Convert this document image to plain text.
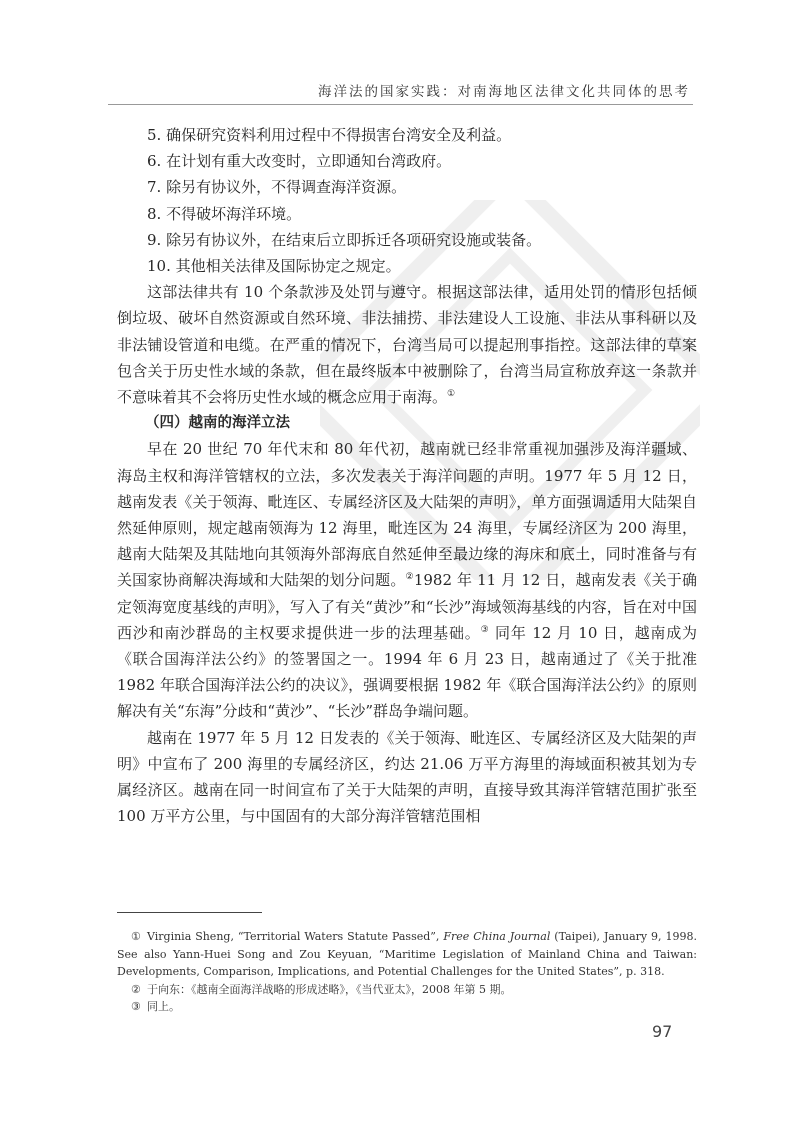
海洋法的国家实践：对南海地区法律文化共同体的思考

5. 确保研究资料利用过程中不得损害台湾安全及利益。

6. 在计划有重大改变时，立即通知台湾政府。

7. 除另有协议外，不得调查海洋资源。

8. 不得破坏海洋环境。

9. 除另有协议外，在结束后立即拆迁各项研究设施或装备。

10. 其他相关法律及国际协定之规定。

这部法律共有 10 个条款涉及处罚与遵守。根据这部法律，适用处罚的情形包括倾倒垃圾、破坏自然资源或自然环境、非法捕捞、非法建设人工设施、非法从事科研以及非法铺设管道和电缆。在严重的情况下，台湾当局可以提起刑事指控。这部法律的草案包含关于历史性水域的条款，但在最终版本中被删除了，台湾当局宣称放弃这一条款并不意味着其不会将历史性水域的概念应用于南海。①

（四）越南的海洋立法

早在 20 世纪 70 年代末和 80 年代初，越南就已经非常重视加强涉及海洋疆域、海岛主权和海洋管辖权的立法，多次发表关于海洋问题的声明。1977 年 5 月 12 日，越南发表《关于领海、毗连区、专属经济区及大陆架的声明》，单方面强调适用大陆架自然延伸原则，规定越南领海为 12 海里，毗连区为 24 海里，专属经济区为 200 海里，越南大陆架及其陆地向其领海外部海底自然延伸至最边缘的海床和底土，同时准备与有关国家协商解决海域和大陆架的划分问题。②1982 年 11 月 12 日，越南发表《关于确定领海宽度基线的声明》，写入了有关“黄沙”和“长沙”海域领海基线的内容，旨在对中国西沙和南沙群岛的主权要求提供进一步的法理基础。③ 同年 12 月 10 日，越南成为《联合国海洋法公约》的签署国之一。1994 年 6 月 23 日，越南通过了《关于批准 1982 年联合国海洋法公约的决议》，强调要根据 1982 年《联合国海洋法公约》的原则解决有关“东海”分歧和“黄沙”、“长沙”群岛争端问题。

越南在 1977 年 5 月 12 日发表的《关于领海、毗连区、专属经济区及大陆架的声明》中宣布了 200 海里的专属经济区，约达 21.06 万平方海里的海域面积被其划为专属经济区。越南在同一时间宣布了关于大陆架的声明，直接导致其海洋管辖范围扩张至 100 万平方公里，与中国固有的大部分海洋管辖范围相

① Virginia Sheng, “Territorial Waters Statute Passed”, Free China Journal (Taipei), January 9, 1998. See also Yann-Huei Song and Zou Keyuan, “Maritime Legislation of Mainland China and Taiwan: Developments, Comparison, Implications, and Potential Challenges for the United States”, p. 318.

② 于向东：《越南全面海洋战略的形成述略》，《当代亚太》，2008 年第 5 期。

③ 同上。

97
